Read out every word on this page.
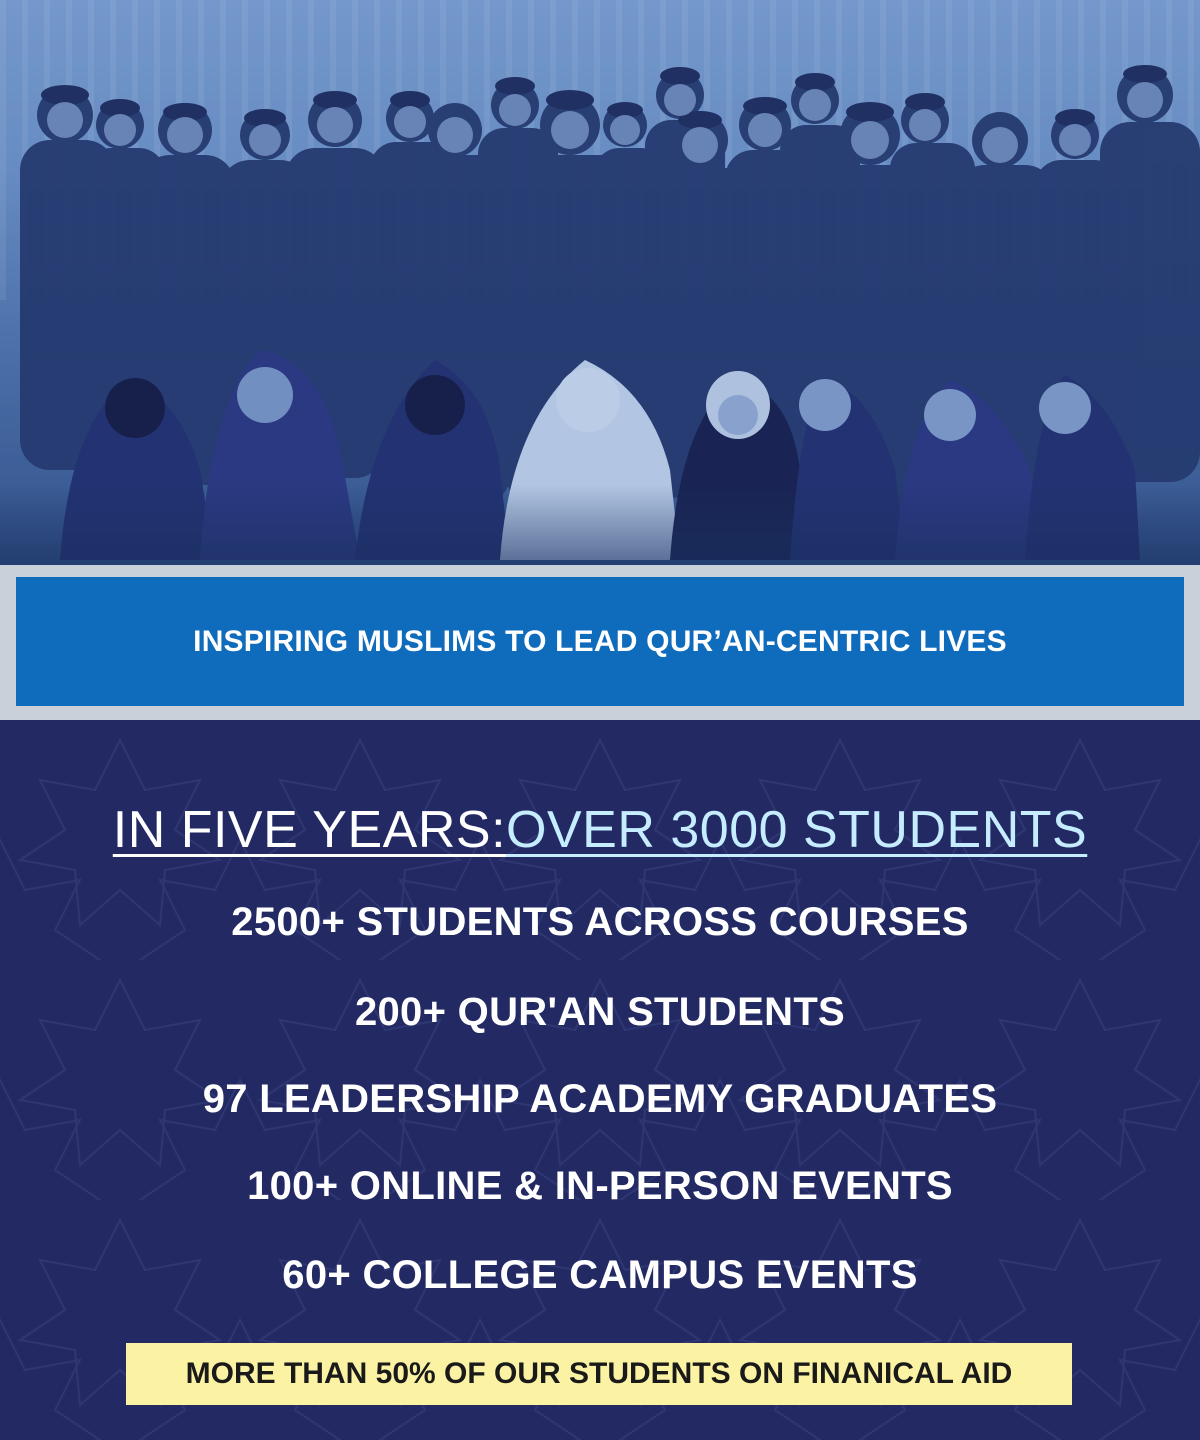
INSPIRING MUSLIMS TO LEAD QUR’AN-CENTRIC LIVES
IN FIVE YEARS:OVER 3000 STUDENTS
2500+ STUDENTS ACROSS COURSES
200+ QUR'AN STUDENTS
97 LEADERSHIP ACADEMY GRADUATES
100+ ONLINE & IN-PERSON EVENTS
60+ COLLEGE CAMPUS EVENTS
MORE THAN 50% OF OUR STUDENTS ON FINANICAL AID
